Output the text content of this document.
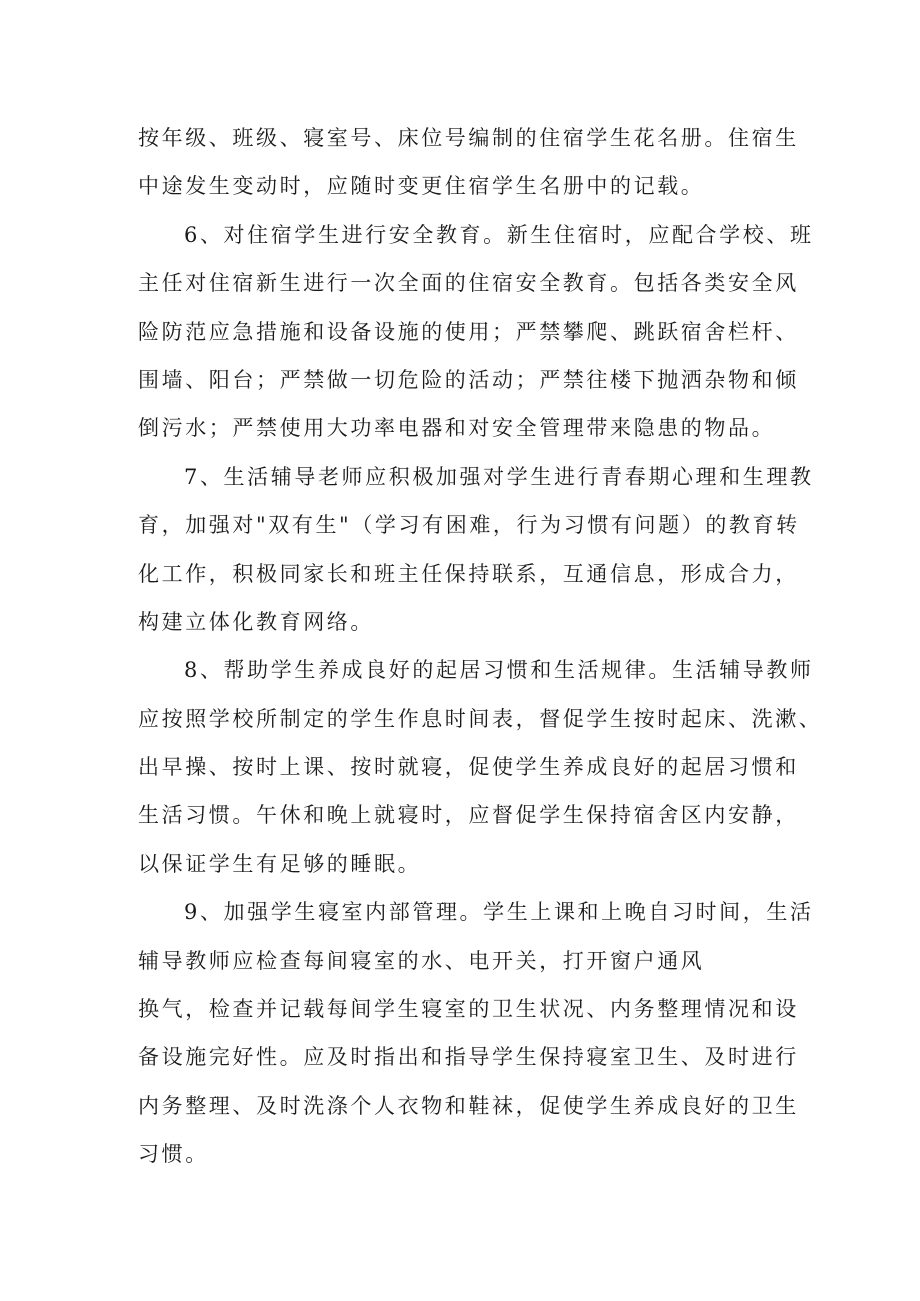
按年级、班级、寝室号、床位号编制的住宿学生花名册。住宿生
中途发生变动时，应随时变更住宿学生名册中的记载。
6、对住宿学生进行安全教育。新生住宿时，应配合学校、班
主任对住宿新生进行一次全面的住宿安全教育。包括各类安全风
险防范应急措施和设备设施的使用；严禁攀爬、跳跃宿舍栏杆、
围墙、阳台；严禁做一切危险的活动；严禁往楼下抛洒杂物和倾
倒污水；严禁使用大功率电器和对安全管理带来隐患的物品。
7、生活辅导老师应积极加强对学生进行青春期心理和生理教
育，加强对"双有生"（学习有困难，行为习惯有问题）的教育转
化工作，积极同家长和班主任保持联系，互通信息，形成合力，
构建立体化教育网络。
8、帮助学生养成良好的起居习惯和生活规律。生活辅导教师
应按照学校所制定的学生作息时间表，督促学生按时起床、洗漱、
出早操、按时上课、按时就寝，促使学生养成良好的起居习惯和
生活习惯。午休和晚上就寝时，应督促学生保持宿舍区内安静，
以保证学生有足够的睡眠。
9、加强学生寝室内部管理。学生上课和上晚自习时间，生活
辅导教师应检查每间寝室的水、电开关，打开窗户通风
换气，检查并记载每间学生寝室的卫生状况、内务整理情况和设
备设施完好性。应及时指出和指导学生保持寝室卫生、及时进行
内务整理、及时洗涤个人衣物和鞋袜，促使学生养成良好的卫生
习惯。
